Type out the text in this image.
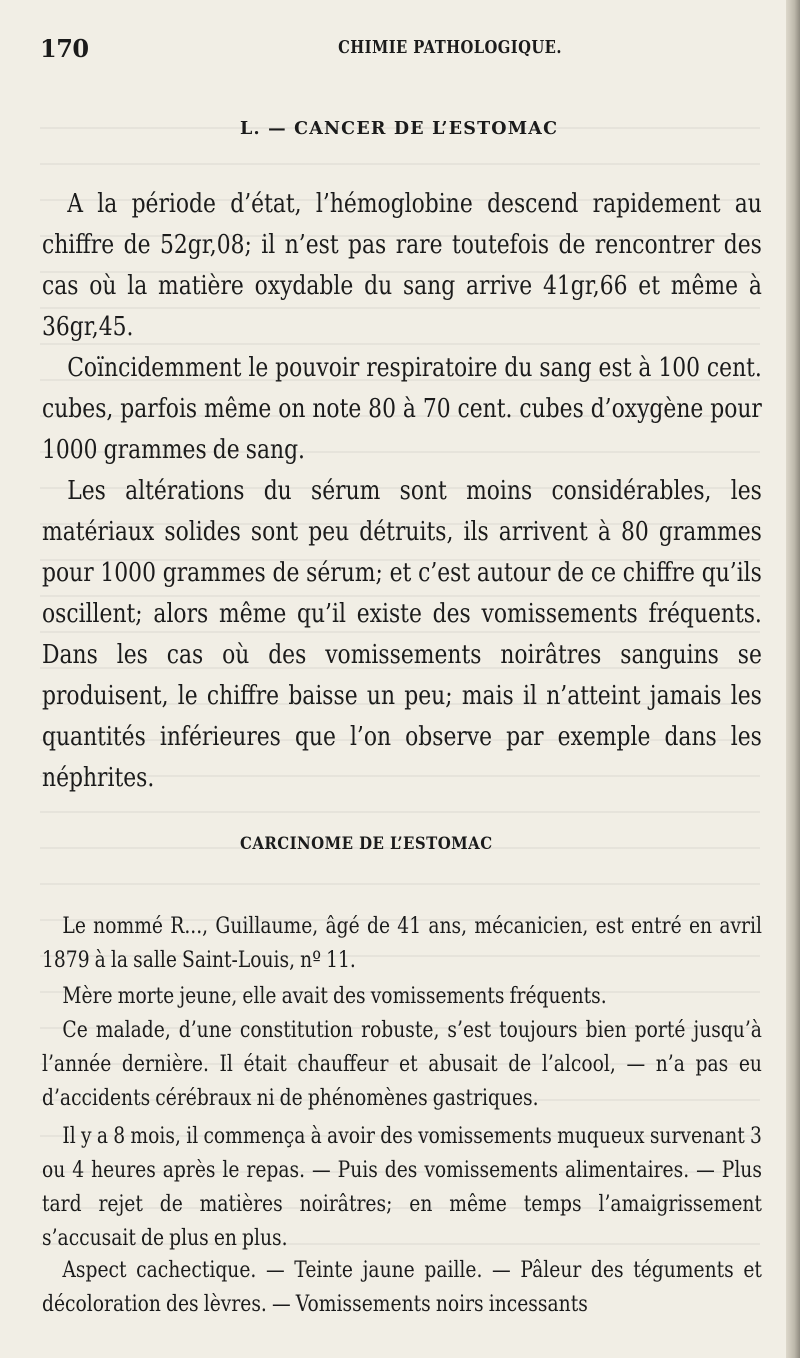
170	CHIMIE PATHOLOGIQUE.
L. — CANCER DE L’ESTOMAC

A la période d’état, l’hémoglobine descend rapidement au chiffre de 52gr,08; il n’est pas rare toutefois de rencontrer des cas où la matière oxydable du sang arrive 41gr,66 et même à 36gr,45.

Coïncidemment le pouvoir respiratoire du sang est à 100 cent. cubes, parfois même on note 80 à 70 cent. cubes d’oxygène pour 1000 grammes de sang.

Les altérations du sérum sont moins considérables, les matériaux solides sont peu détruits, ils arrivent à 80 grammes pour 1000 grammes de sérum; et c’est autour de ce chiffre qu’ils oscillent; alors même qu’il existe des vomissements fréquents. Dans les cas où des vomissements noirâtres sanguins se produisent, le chiffre baisse un peu; mais il n’atteint jamais les quantités inférieures que l’on observe par exemple dans les néphrites.

CARCINOME DE L’ESTOMAC

Le nommé R..., Guillaume, âgé de 41 ans, mécanicien, est entré en avril 1879 à la salle Saint-Louis, nº 11.

Mère morte jeune, elle avait des vomissements fréquents.

Ce malade, d’une constitution robuste, s’est toujours bien porté jusqu’à l’année dernière. Il était chauffeur et abusait de l’alcool, — n’a pas eu d’accidents cérébraux ni de phénomènes gastriques.

Il y a 8 mois, il commença à avoir des vomissements muqueux survenant 3 ou 4 heures après le repas. — Puis des vomissements alimentaires. — Plus tard rejet de matières noirâtres; en même temps l’amaigrissement s’accusait de plus en plus.

Aspect cachectique. — Teinte jaune paille. — Pâleur des téguments et décoloration des lèvres. — Vomissements noirs incessants
